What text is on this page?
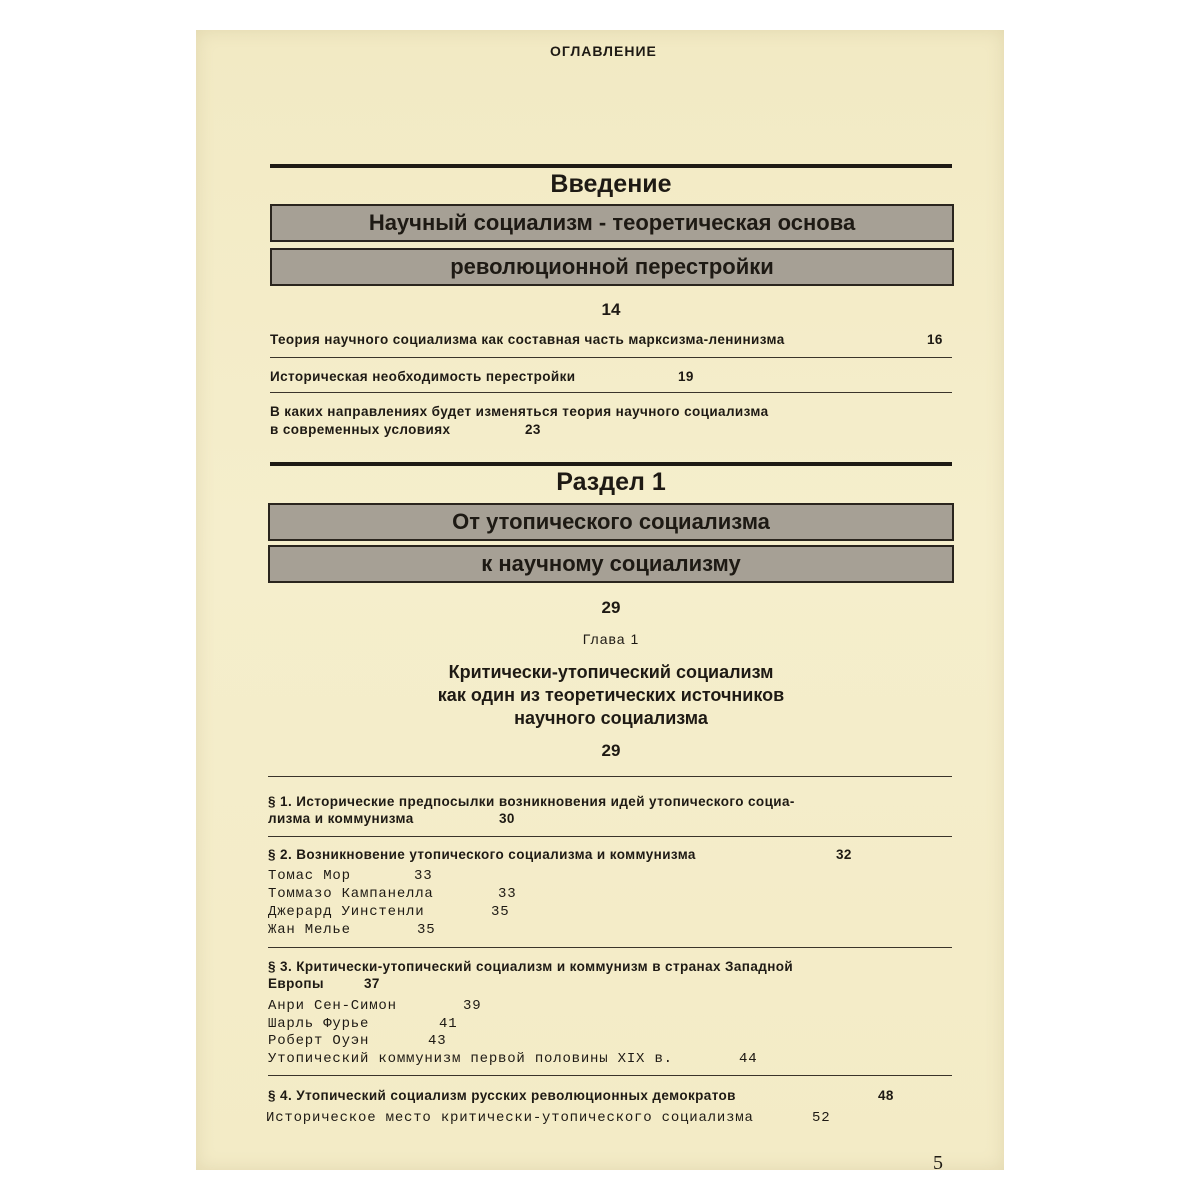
ОГЛАВЛЕНИЕ
Введение
Научный социализм - теоретическая основа
революционной перестройки
14
Теория научного социализма как составная часть марксизма-ленинизма	16
Историческая необходимость перестройки	19
В каких направлениях будет изменяться теория научного социализма
в современных условиях	23
Раздел 1
От утопического социализма
к научному социализму
29
Глава 1
Критически-утопический социализм
как один из теоретических источников
научного социализма
29
§ 1. Исторические предпосылки возникновения идей утопического социа-
лизма и коммунизма	30
§ 2. Возникновение утопического социализма и коммунизма	32
Томас Мор	33
Томмазо Кампанелла	33
Джерард Уинстенли	35
Жан Мелье	35
§ 3. Критически-утопический социализм и коммунизм в странах Западной
Европы	37
Анри Сен-Симон	39
Шарль Фурье	41
Роберт Оуэн	43
Утопический коммунизм первой половины XIX в.	44
§ 4. Утопический социализм русских революционных демократов	48
Историческое место критически-утопического социализма	52
5
